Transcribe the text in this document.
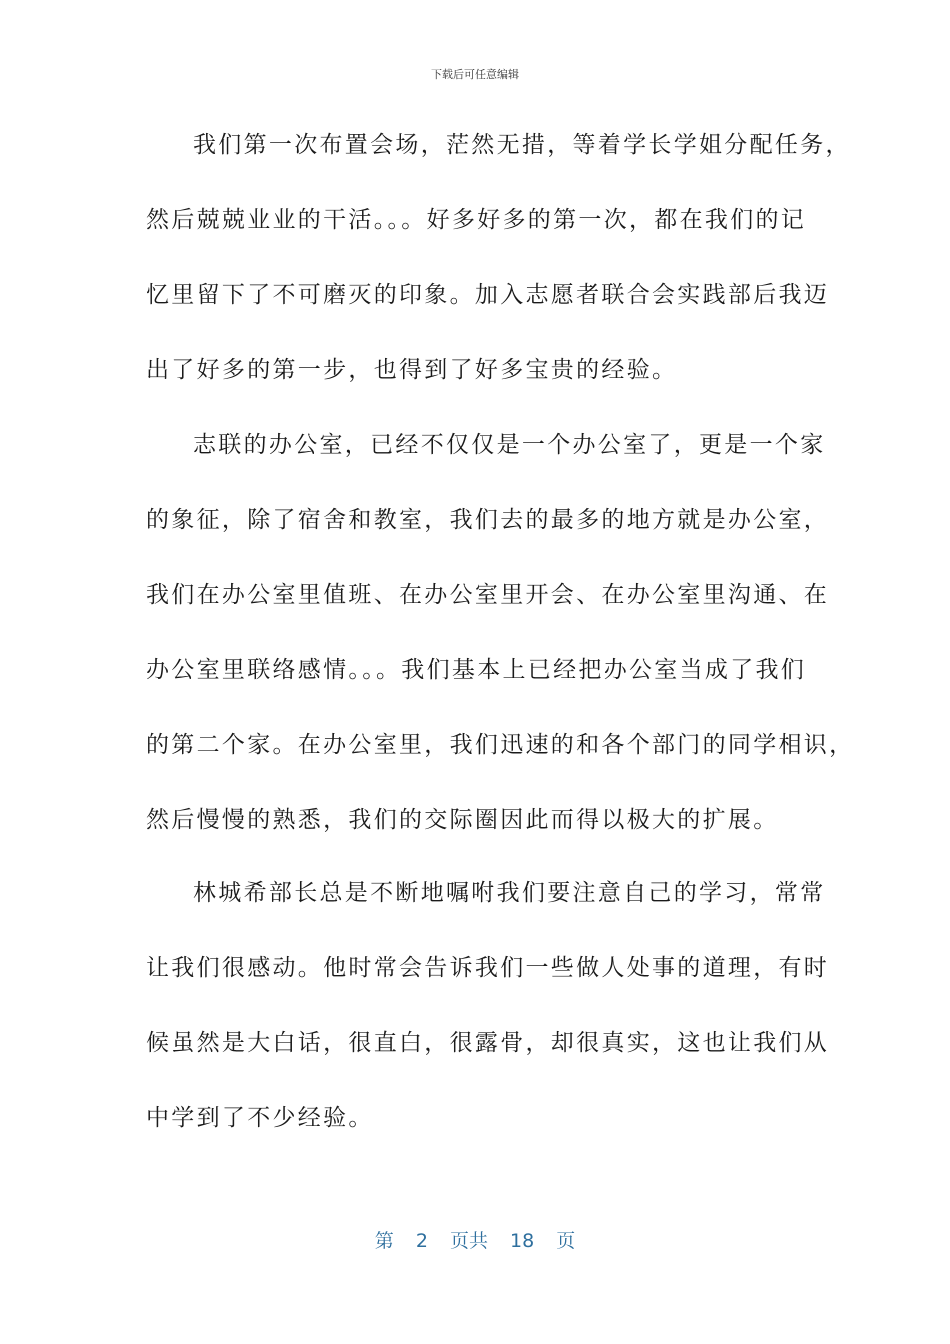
下载后可任意编辑
我们第一次布置会场，茫然无措，等着学长学姐分配任务，
然后兢兢业业的干活。。。好多好多的第一次，都在我们的记
忆里留下了不可磨灭的印象。加入志愿者联合会实践部后我迈
出了好多的第一步，也得到了好多宝贵的经验。
志联的办公室，已经不仅仅是一个办公室了，更是一个家
的象征，除了宿舍和教室，我们去的最多的地方就是办公室，
我们在办公室里值班、在办公室里开会、在办公室里沟通、在
办公室里联络感情。。。我们基本上已经把办公室当成了我们
的第二个家。在办公室里，我们迅速的和各个部门的同学相识，
然后慢慢的熟悉，我们的交际圈因此而得以极大的扩展。
林城希部长总是不断地嘱咐我们要注意自己的学习，常常
让我们很感动。他时常会告诉我们一些做人处事的道理，有时
候虽然是大白话，很直白，很露骨，却很真实，这也让我们从
中学到了不少经验。
第 2 页共 18 页
